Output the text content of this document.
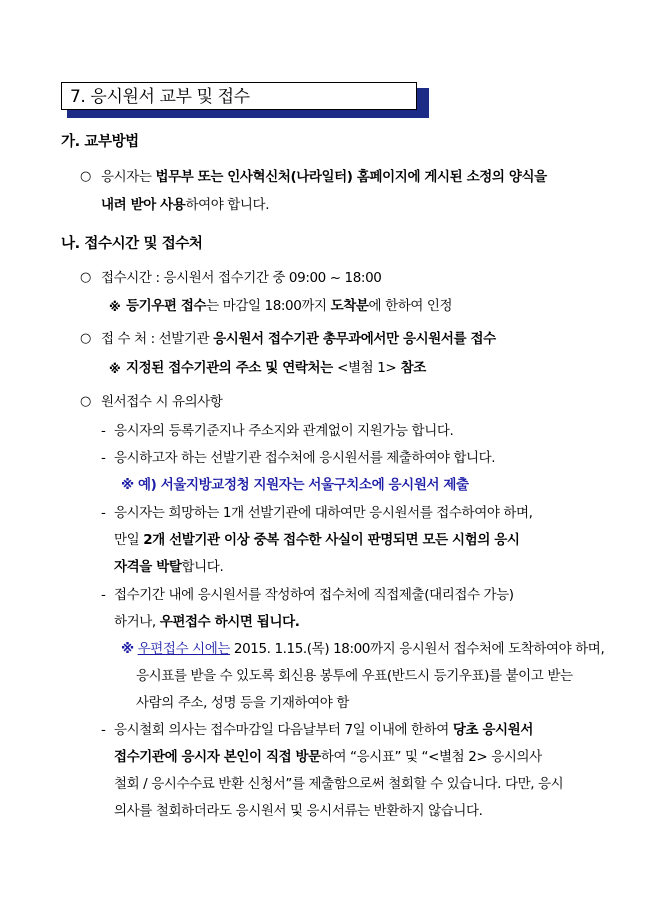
7. 응시원서 교부 및 접수
가. 교부방법
○ 응시자는 법무부 또는 인사혁신처(나라일터) 홈페이지에 게시된 소정의 양식을
내려 받아 사용하여야 합니다.
나. 접수시간 및 접수처
○ 접수시간 : 응시원서 접수기간 중 09:00 ~ 18:00
※ 등기우편 접수는 마감일 18:00까지 도착분에 한하여 인정
○ 접 수 처 : 선발기관 응시원서 접수기관 총무과에서만 응시원서를 접수
※ 지정된 접수기관의 주소 및 연락처는 <별첨 1> 참조
○ 원서접수 시 유의사항
- 응시자의 등록기준지나 주소지와 관계없이 지원가능 합니다.
- 응시하고자 하는 선발기관 접수처에 응시원서를 제출하여야 합니다.
※ 예) 서울지방교정청 지원자는 서울구치소에 응시원서 제출
- 응시자는 희망하는 1개 선발기관에 대하여만 응시원서를 접수하여야 하며,
만일 2개 선발기관 이상 중복 접수한 사실이 판명되면 모든 시험의 응시
자격을 박탈합니다.
- 접수기간 내에 응시원서를 작성하여 접수처에 직접제출(대리접수 가능)
하거나, 우편접수 하시면 됩니다.
※ 우편접수 시에는 2015. 1.15.(목) 18:00까지 응시원서 접수처에 도착하여야 하며,
응시표를 받을 수 있도록 회신용 봉투에 우표(반드시 등기우표)를 붙이고 받는
사람의 주소, 성명 등을 기재하여야 함
- 응시철회 의사는 접수마감일 다음날부터 7일 이내에 한하여 당초 응시원서
접수기관에 응시자 본인이 직접 방문하여 “응시표” 및 “<별첨 2> 응시의사
철회 / 응시수수료 반환 신청서”를 제출함으로써 철회할 수 있습니다. 다만, 응시
의사를 철회하더라도 응시원서 및 응시서류는 반환하지 않습니다.
